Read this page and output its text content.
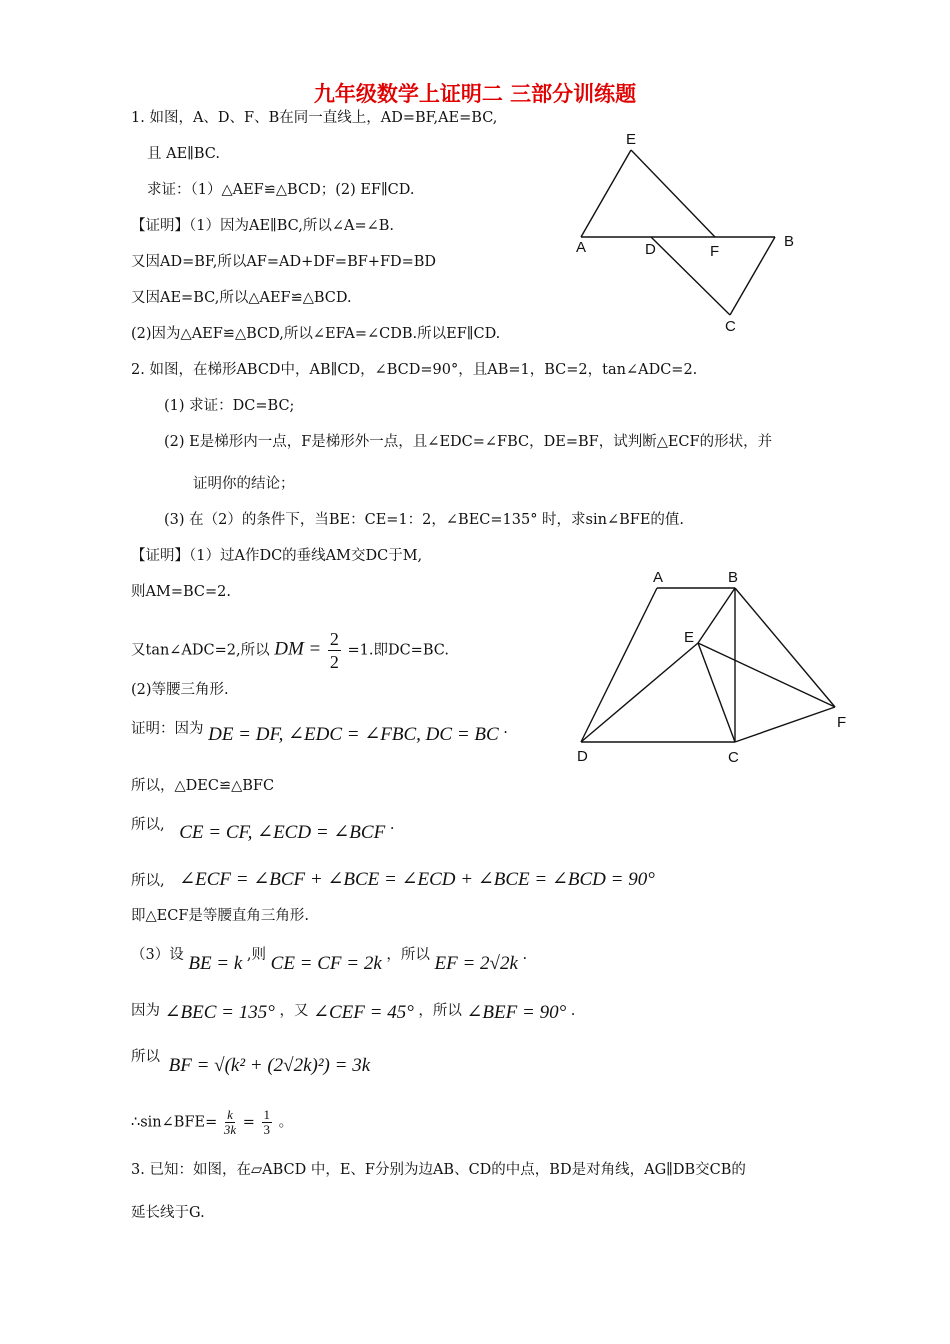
九年级数学上证明二 三部分训练题
1. 如图，A、D、F、B在同一直线上，AD=BF,AE=BC,
且 AE∥BC.
求证：（1）△AEF≌△BCD；(2) EF∥CD.
【证明】（1）因为AE∥BC,所以∠A=∠B.
又因AD=BF,所以AF=AD+DF=BF+FD=BD
又因AE=BC,所以△AEF≌△BCD.
(2)因为△AEF≌△BCD,所以∠EFA=∠CDB.所以EF∥CD.
E
A	D	F
B
C
2. 如图，在梯形ABCD中，AB∥CD，∠BCD=90°，且AB=1，BC=2，tan∠ADC=2.
(1) 求证：DC=BC;
(2) E是梯形内一点，F是梯形外一点，且∠EDC=∠FBC，DE=BF，试判断△ECF的形状，并
证明你的结论；
(3) 在（2）的条件下，当BE：CE=1：2，∠BEC=135° 时，求sin∠BFE的值.
【证明】（1）过A作DC的垂线AM交DC于M,
则AM=BC=2.
又tan∠ADC=2,所以 DM = $\frac{2}{2} =1$.即DC=BC.
(2)等腰三角形.
证明：因为 DE = DF, ∠EDC = ∠FBC, DC = BC .
所以，△DEC≌△BFC
所以, CE = CF, ∠ECD = ∠BCF .
所以, ∠ECF = ∠BCF + ∠BCE = ∠ECD + ∠BCE = ∠BCD = 90°
即△ECF是等腰直角三角形.
（3）设 BE = k ,则 CE = CF = 2k ，所以 EF = 2√2k .
因为 ∠BEC = 135° ，又 ∠CEF = 45° ，所以 ∠BEF = 90° .
所以 BF = √(k² + (2√2k)²) = 3k
∴sin∠BFE= $\frac{k}{3k} = \frac{1}{3}$ 。
A	B
E
F
D	C
3. 已知：如图，在▱ABCD 中，E、F分别为边AB、CD的中点，BD是对角线，AG∥DB交CB的
延长线于G.
